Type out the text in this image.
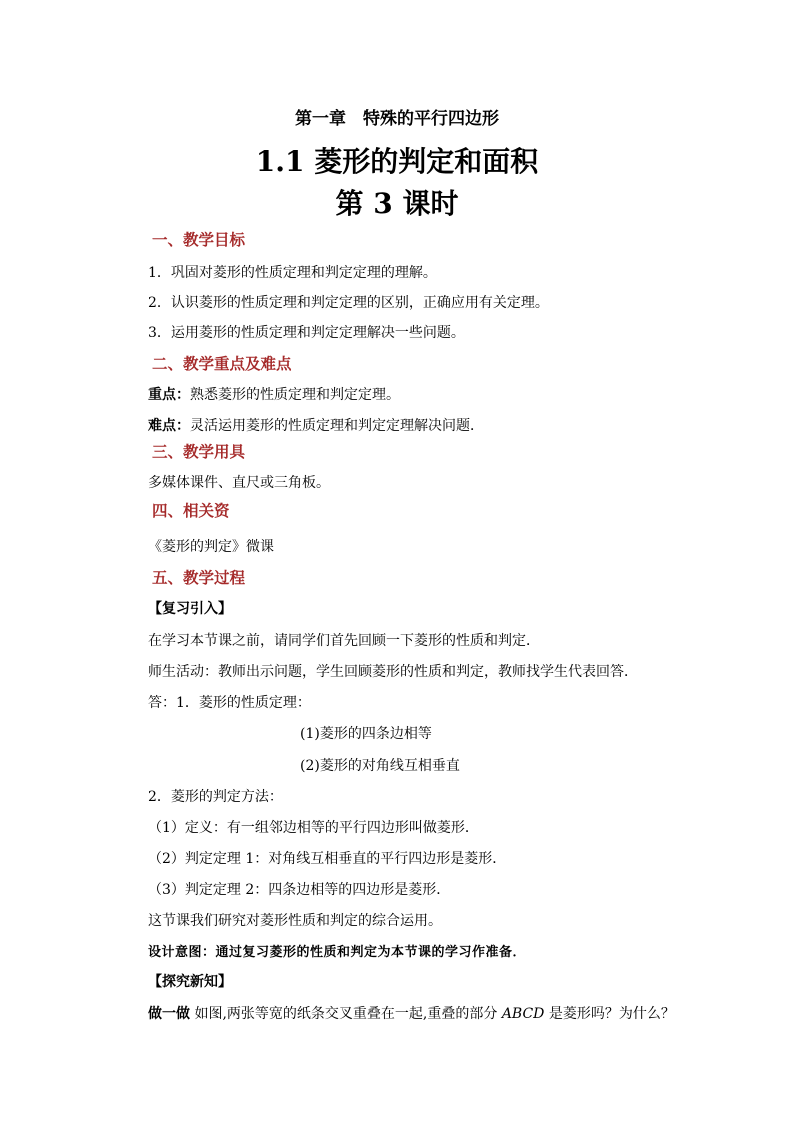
第一章　特殊的平行四边形
1.1 菱形的判定和面积
第 3 课时
一、教学目标
1．巩固对菱形的性质定理和判定定理的理解。
2．认识菱形的性质定理和判定定理的区别，正确应用有关定理。
3．运用菱形的性质定理和判定定理解决一些问题。
二、教学重点及难点
重点：熟悉菱形的性质定理和判定定理。
难点：灵活运用菱形的性质定理和判定定理解决问题．
三、教学用具
多媒体课件、直尺或三角板。
四、相关资
《菱形的判定》微课
五、教学过程
【复习引入】
在学习本节课之前，请同学们首先回顾一下菱形的性质和判定．
师生活动：教师出示问题，学生回顾菱形的性质和判定，教师找学生代表回答．
答：1．菱形的性质定理：
(1)菱形的四条边相等
(2)菱形的对角线互相垂直
2．菱形的判定方法：
（1）定义：有一组邻边相等的平行四边形叫做菱形．
（2）判定定理 1：对角线互相垂直的平行四边形是菱形．
（3）判定定理 2：四条边相等的四边形是菱形．
这节课我们研究对菱形性质和判定的综合运用。
设计意图：通过复习菱形的性质和判定为本节课的学习作准备．
【探究新知】
做一做 如图,两张等宽的纸条交叉重叠在一起,重叠的部分 ABCD 是菱形吗？为什么？
